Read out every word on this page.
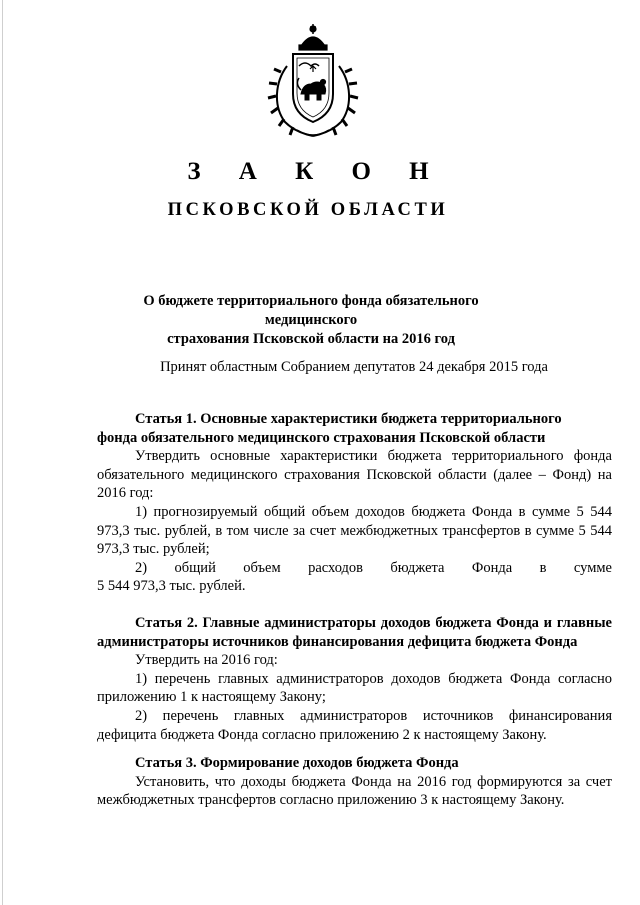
З А К О Н
ПСКОВСКОЙ ОБЛАСТИ
О бюджете территориального фонда обязательного медицинского
страхования Псковской области на 2016 год
Принят областным Собранием депутатов 24 декабря 2015 года

Статья 1. Основные характеристики бюджета территориального

фонда обязательного медицинского страхования Псковской области

Утвердить основные характеристики бюджета территориального фонда обязательного медицинского страхования Псковской области (далее – Фонд) на 2016 год:

1) прогнозируемый общий объем доходов бюджета Фонда в сумме 5 544 973,3 тыс. рублей, в том числе за счет межбюджетных трансфертов в сумме 5 544 973,3 тыс. рублей;

2) общий объем расходов бюджета Фонда в сумме

5 544 973,3 тыс. рублей.

Статья 2. Главные администраторы доходов бюджета Фонда и главные администраторы источников финансирования дефицита бюджета Фонда

Утвердить на 2016 год:

1) перечень главных администраторов доходов бюджета Фонда согласно приложению 1 к настоящему Закону;

2) перечень главных администраторов источников финансирования дефицита бюджета Фонда согласно приложению 2 к настоящему Закону.

Статья 3. Формирование доходов бюджета Фонда

Установить, что доходы бюджета Фонда на 2016 год формируются за счет межбюджетных трансфертов согласно приложению 3 к настоящему Закону.
